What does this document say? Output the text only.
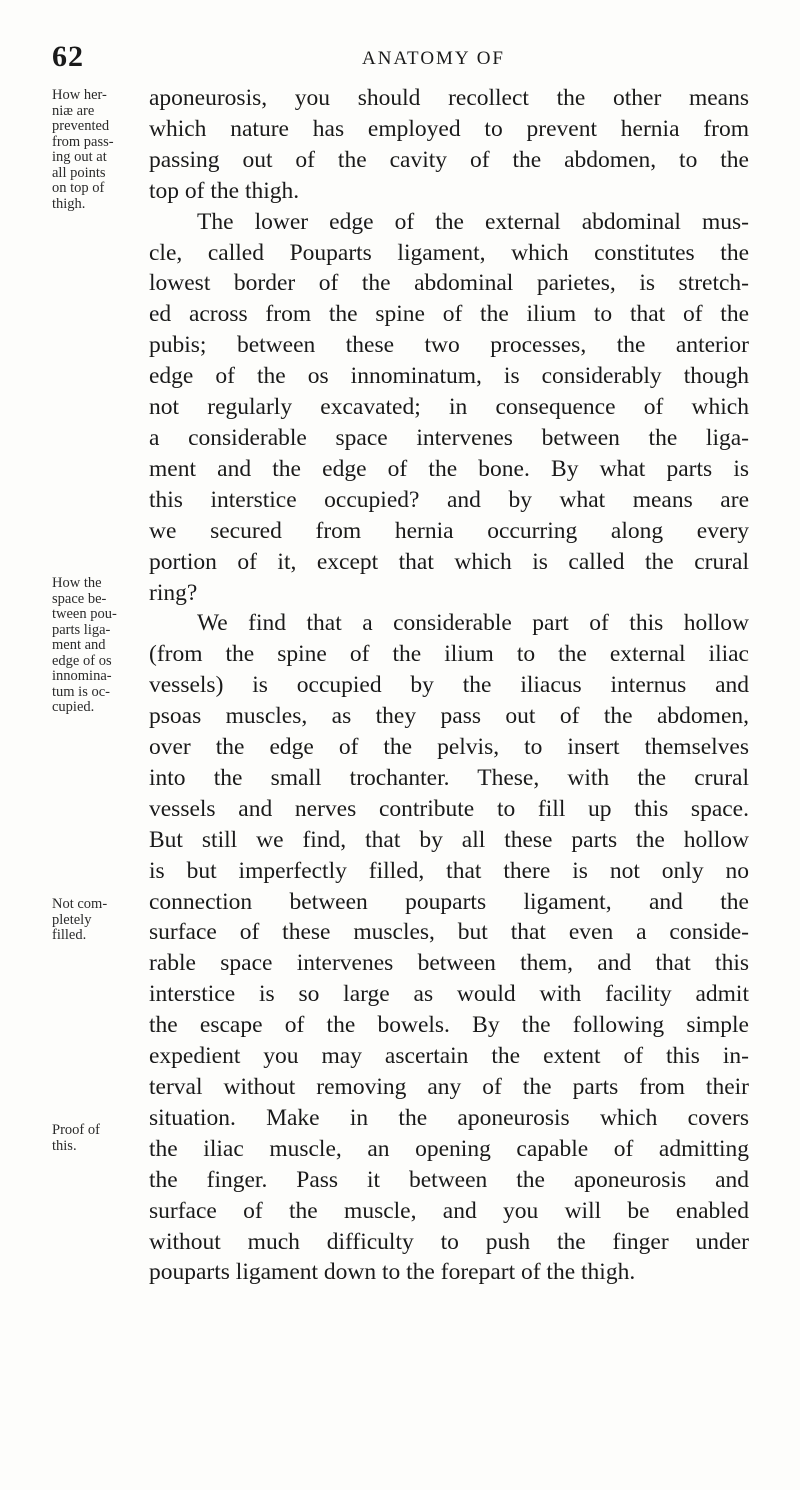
62	ANATOMY OF
How her-
niæ are
prevented
from pass-
ing out at
all points
on top of
thigh.
How the
space be-
tween pou-
parts liga-
ment and
edge of os
innomina-
tum is oc-
cupied.
Not com-
pletely
filled.
Proof of
this.

aponeurosis, you should recollect the other means
which nature has employed to prevent hernia from
passing out of the cavity of the abdomen, to the
top of the thigh.

The lower edge of the external abdominal mus-
cle, called Pouparts ligament, which constitutes the
lowest border of the abdominal parietes, is stretch-
ed across from the spine of the ilium to that of the
pubis; between these two processes, the anterior
edge of the os innominatum, is considerably though
not regularly excavated; in consequence of which
a considerable space intervenes between the liga-
ment and the edge of the bone. By what parts is
this interstice occupied? and by what means are
we secured from hernia occurring along every
portion of it, except that which is called the crural
ring?

We find that a considerable part of this hollow
(from the spine of the ilium to the external iliac
vessels) is occupied by the iliacus internus and
psoas muscles, as they pass out of the abdomen,
over the edge of the pelvis, to insert themselves
into the small trochanter. These, with the crural
vessels and nerves contribute to fill up this space.
But still we find, that by all these parts the hollow
is but imperfectly filled, that there is not only no
connection between pouparts ligament, and the
surface of these muscles, but that even a conside-
rable space intervenes between them, and that this
interstice is so large as would with facility admit
the escape of the bowels. By the following simple
expedient you may ascertain the extent of this in-
terval without removing any of the parts from their
situation. Make in the aponeurosis which covers
the iliac muscle, an opening capable of admitting
the finger. Pass it between the aponeurosis and
surface of the muscle, and you will be enabled
without much difficulty to push the finger under
pouparts ligament down to the forepart of the thigh.
